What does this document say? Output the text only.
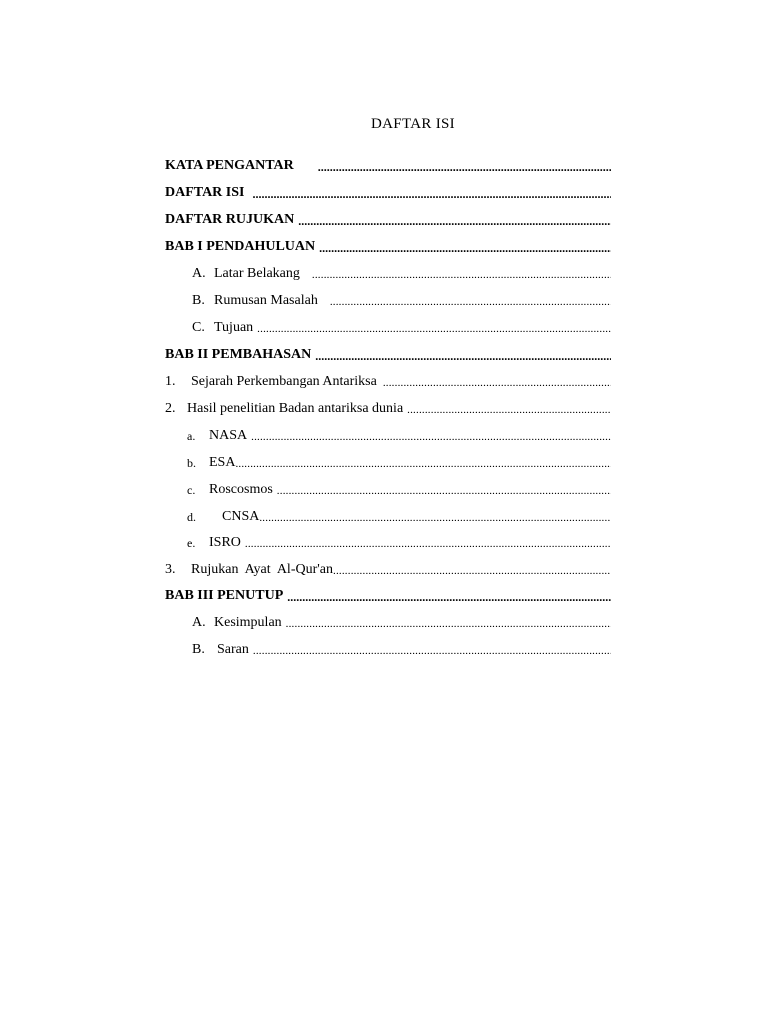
DAFTAR ISI
KATA PENGANTAR
.....
DAFTAR ISI
.....
DAFTAR RUJUKAN
.....
BAB I PENDAHULUAN
.....
A. Latar Belakang
.....
B. Rumusan Masalah
.....
C. Tujuan
.....
BAB II PEMBAHASAN
.....
1.	Sejarah Perkembangan Antariksa
.....
2. Hasil penelitian Badan antariksa dunia
.....
a. NASA
.....
b. ESA
.....
c. Roscosmos
.....
d.	CNSA
.....
e. ISRO
.....
3.	Rujukan  Ayat  Al-Qur'an
.....
BAB III PENUTUP
.....
A. Kesimpulan
.....
B. Saran
.....
